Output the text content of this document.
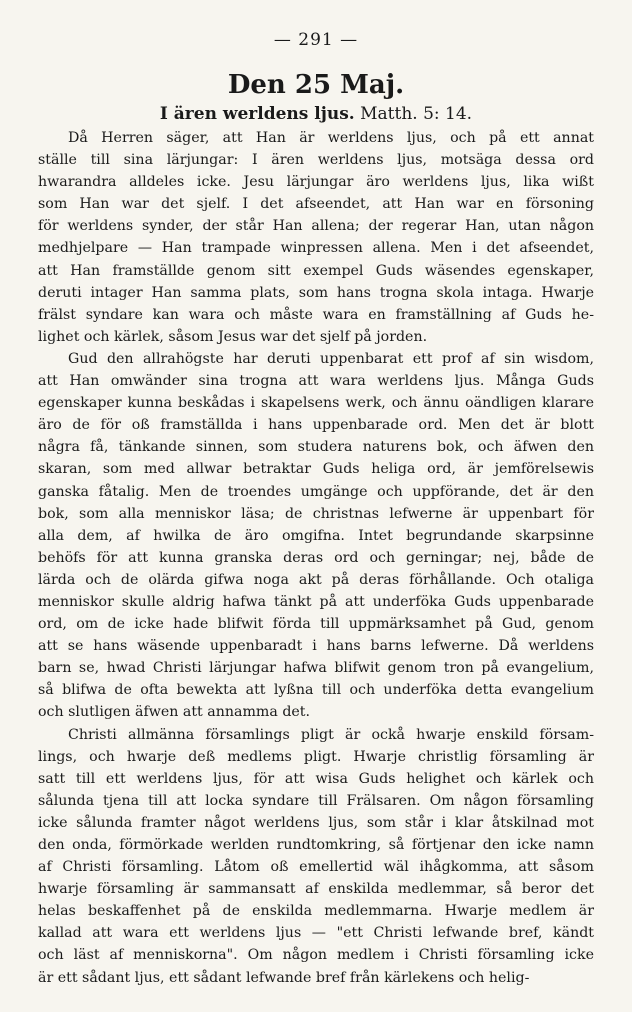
— 291 —
Den 25 Maj.
I ären werldens ljus. Matth. 5: 14.
Då Herren säger, att Han är werldens ljus, och på ett annat
ställe till sina lärjungar: I ären werldens ljus, motsäga dessa ord
hwarandra alldeles icke. Jesu lärjungar äro werldens ljus, lika wißt
som Han war det sjelf. I det afseendet, att Han war en försoning
för werldens synder, der står Han allena; der regerar Han, utan någon
medhjelpare — Han trampade winpressen allena. Men i det afseendet,
att Han framställde genom sitt exempel Guds wäsendes egenskaper,
deruti intager Han samma plats, som hans trogna skola intaga. Hwarje
frälst syndare kan wara och måste wara en framställning af Guds he-
lighet och kärlek, såsom Jesus war det sjelf på jorden.
Gud den allrahögste har deruti uppenbarat ett prof af sin wisdom,
att Han omwänder sina trogna att wara werldens ljus. Många Guds
egenskaper kunna beskådas i skapelsens werk, och ännu oändligen klarare
äro de för oß framställda i hans uppenbarade ord. Men det är blott
några få, tänkande sinnen, som studera naturens bok, och äfwen den
skaran, som med allwar betraktar Guds heliga ord, är jemförelsewis
ganska fåtalig. Men de troendes umgänge och uppförande, det är den
bok, som alla menniskor läsa; de christnas lefwerne är uppenbart för
alla dem, af hwilka de äro omgifna. Intet begrundande skarpsinne
behöfs för att kunna granska deras ord och gerningar; nej, både de
lärda och de olärda gifwa noga akt på deras förhållande. Och otaliga
menniskor skulle aldrig hafwa tänkt på att underföka Guds uppenbarade
ord, om de icke hade blifwit förda till uppmärksamhet på Gud, genom
att se hans wäsende uppenbaradt i hans barns lefwerne. Då werldens
barn se, hwad Christi lärjungar hafwa blifwit genom tron på evangelium,
så blifwa de ofta bewekta att lyßna till och underföka detta evangelium
och slutligen äfwen att annamma det.
Christi allmänna församlings pligt är ockå hwarje enskild försam-
lings, och hwarje deß medlems pligt. Hwarje christlig församling är
satt till ett werldens ljus, för att wisa Guds helighet och kärlek och
sålunda tjena till att locka syndare till Frälsaren. Om någon församling
icke sålunda framter något werldens ljus, som står i klar åtskilnad mot
den onda, förmörkade werlden rundtomkring, så förtjenar den icke namn
af Christi församling. Låtom oß emellertid wäl ihågkomma, att såsom
hwarje församling är sammansatt af enskilda medlemmar, så beror det
helas beskaffenhet på de enskilda medlemmarna. Hwarje medlem är
kallad att wara ett werldens ljus — "ett Christi lefwande bref, kändt
och läst af menniskorna". Om någon medlem i Christi församling icke
är ett sådant ljus, ett sådant lefwande bref från kärlekens och helig-
